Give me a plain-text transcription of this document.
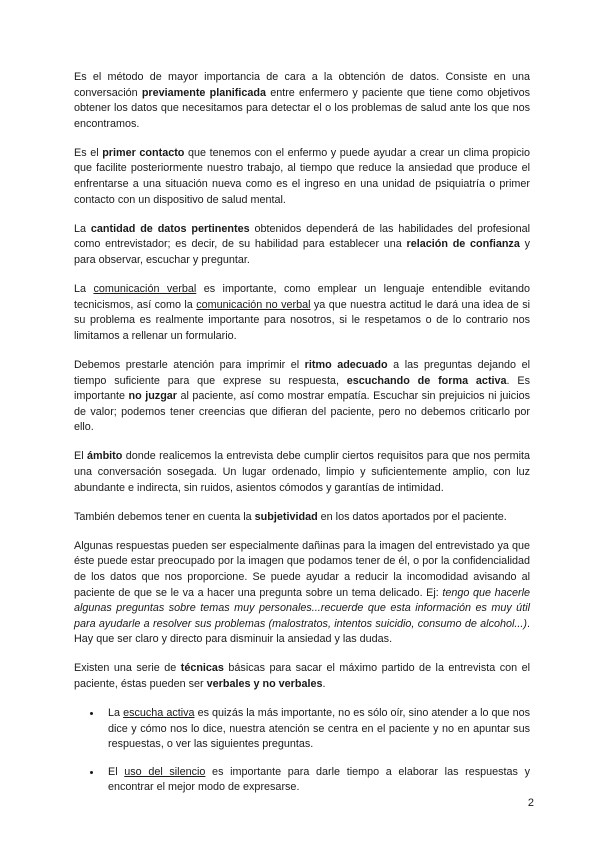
Es el método de mayor importancia de cara a la obtención de datos. Consiste en una conversación previamente planificada entre enfermero y paciente que tiene como objetivos obtener los datos que necesitamos para detectar el o los problemas de salud ante los que nos encontramos.

Es el primer contacto que tenemos con el enfermo y puede ayudar a crear un clima propicio que facilite posteriormente nuestro trabajo, al tiempo que reduce la ansiedad que produce el enfrentarse a una situación nueva como es el ingreso en una unidad de psiquiatría o primer contacto con un dispositivo de salud mental.

La cantidad de datos pertinentes obtenidos dependerá de las habilidades del profesional como entrevistador; es decir, de su habilidad para establecer una relación de confianza y para observar, escuchar y preguntar.

La comunicación verbal es importante, como emplear un lenguaje entendible evitando tecnicismos, así como la comunicación no verbal ya que nuestra actitud le dará una idea de si su problema es realmente importante para nosotros, si le respetamos o de lo contrario nos limitamos a rellenar un formulario.

Debemos prestarle atención para imprimir el ritmo adecuado a las preguntas dejando el tiempo suficiente para que exprese su respuesta, escuchando de forma activa. Es importante no juzgar al paciente, así como mostrar empatía. Escuchar sin prejuicios ni juicios de valor; podemos tener creencias que difieran del paciente, pero no debemos criticarlo por ello.

El ámbito donde realicemos la entrevista debe cumplir ciertos requisitos para que nos permita una conversación sosegada. Un lugar ordenado, limpio y suficientemente amplio, con luz abundante e indirecta, sin ruidos, asientos cómodos y garantías de intimidad.

También debemos tener en cuenta la subjetividad en los datos aportados por el paciente.

Algunas respuestas pueden ser especialmente dañinas para la imagen del entrevistado ya que éste puede estar preocupado por la imagen que podamos tener de él, o por la confidencialidad de los datos que nos proporcione. Se puede ayudar a reducir la incomodidad avisando al paciente de que se le va a hacer una pregunta sobre un tema delicado. Ej: tengo que hacerle algunas preguntas sobre temas muy personales...recuerde que esta información es muy útil para ayudarle a resolver sus problemas (malostratos, intentos suicidio, consumo de alcohol...). Hay que ser claro y directo para disminuir la ansiedad y las dudas.

Existen una serie de técnicas básicas para sacar el máximo partido de la entrevista con el paciente, éstas pueden ser verbales y no verbales.

La escucha activa es quizás la más importante, no es sólo oír, sino atender a lo que nos dice y cómo nos lo dice, nuestra atención se centra en el paciente y no en apuntar sus respuestas, o ver las siguientes preguntas.
El uso del silencio es importante para darle tiempo a elaborar las respuestas y encontrar el mejor modo de expresarse.
2
